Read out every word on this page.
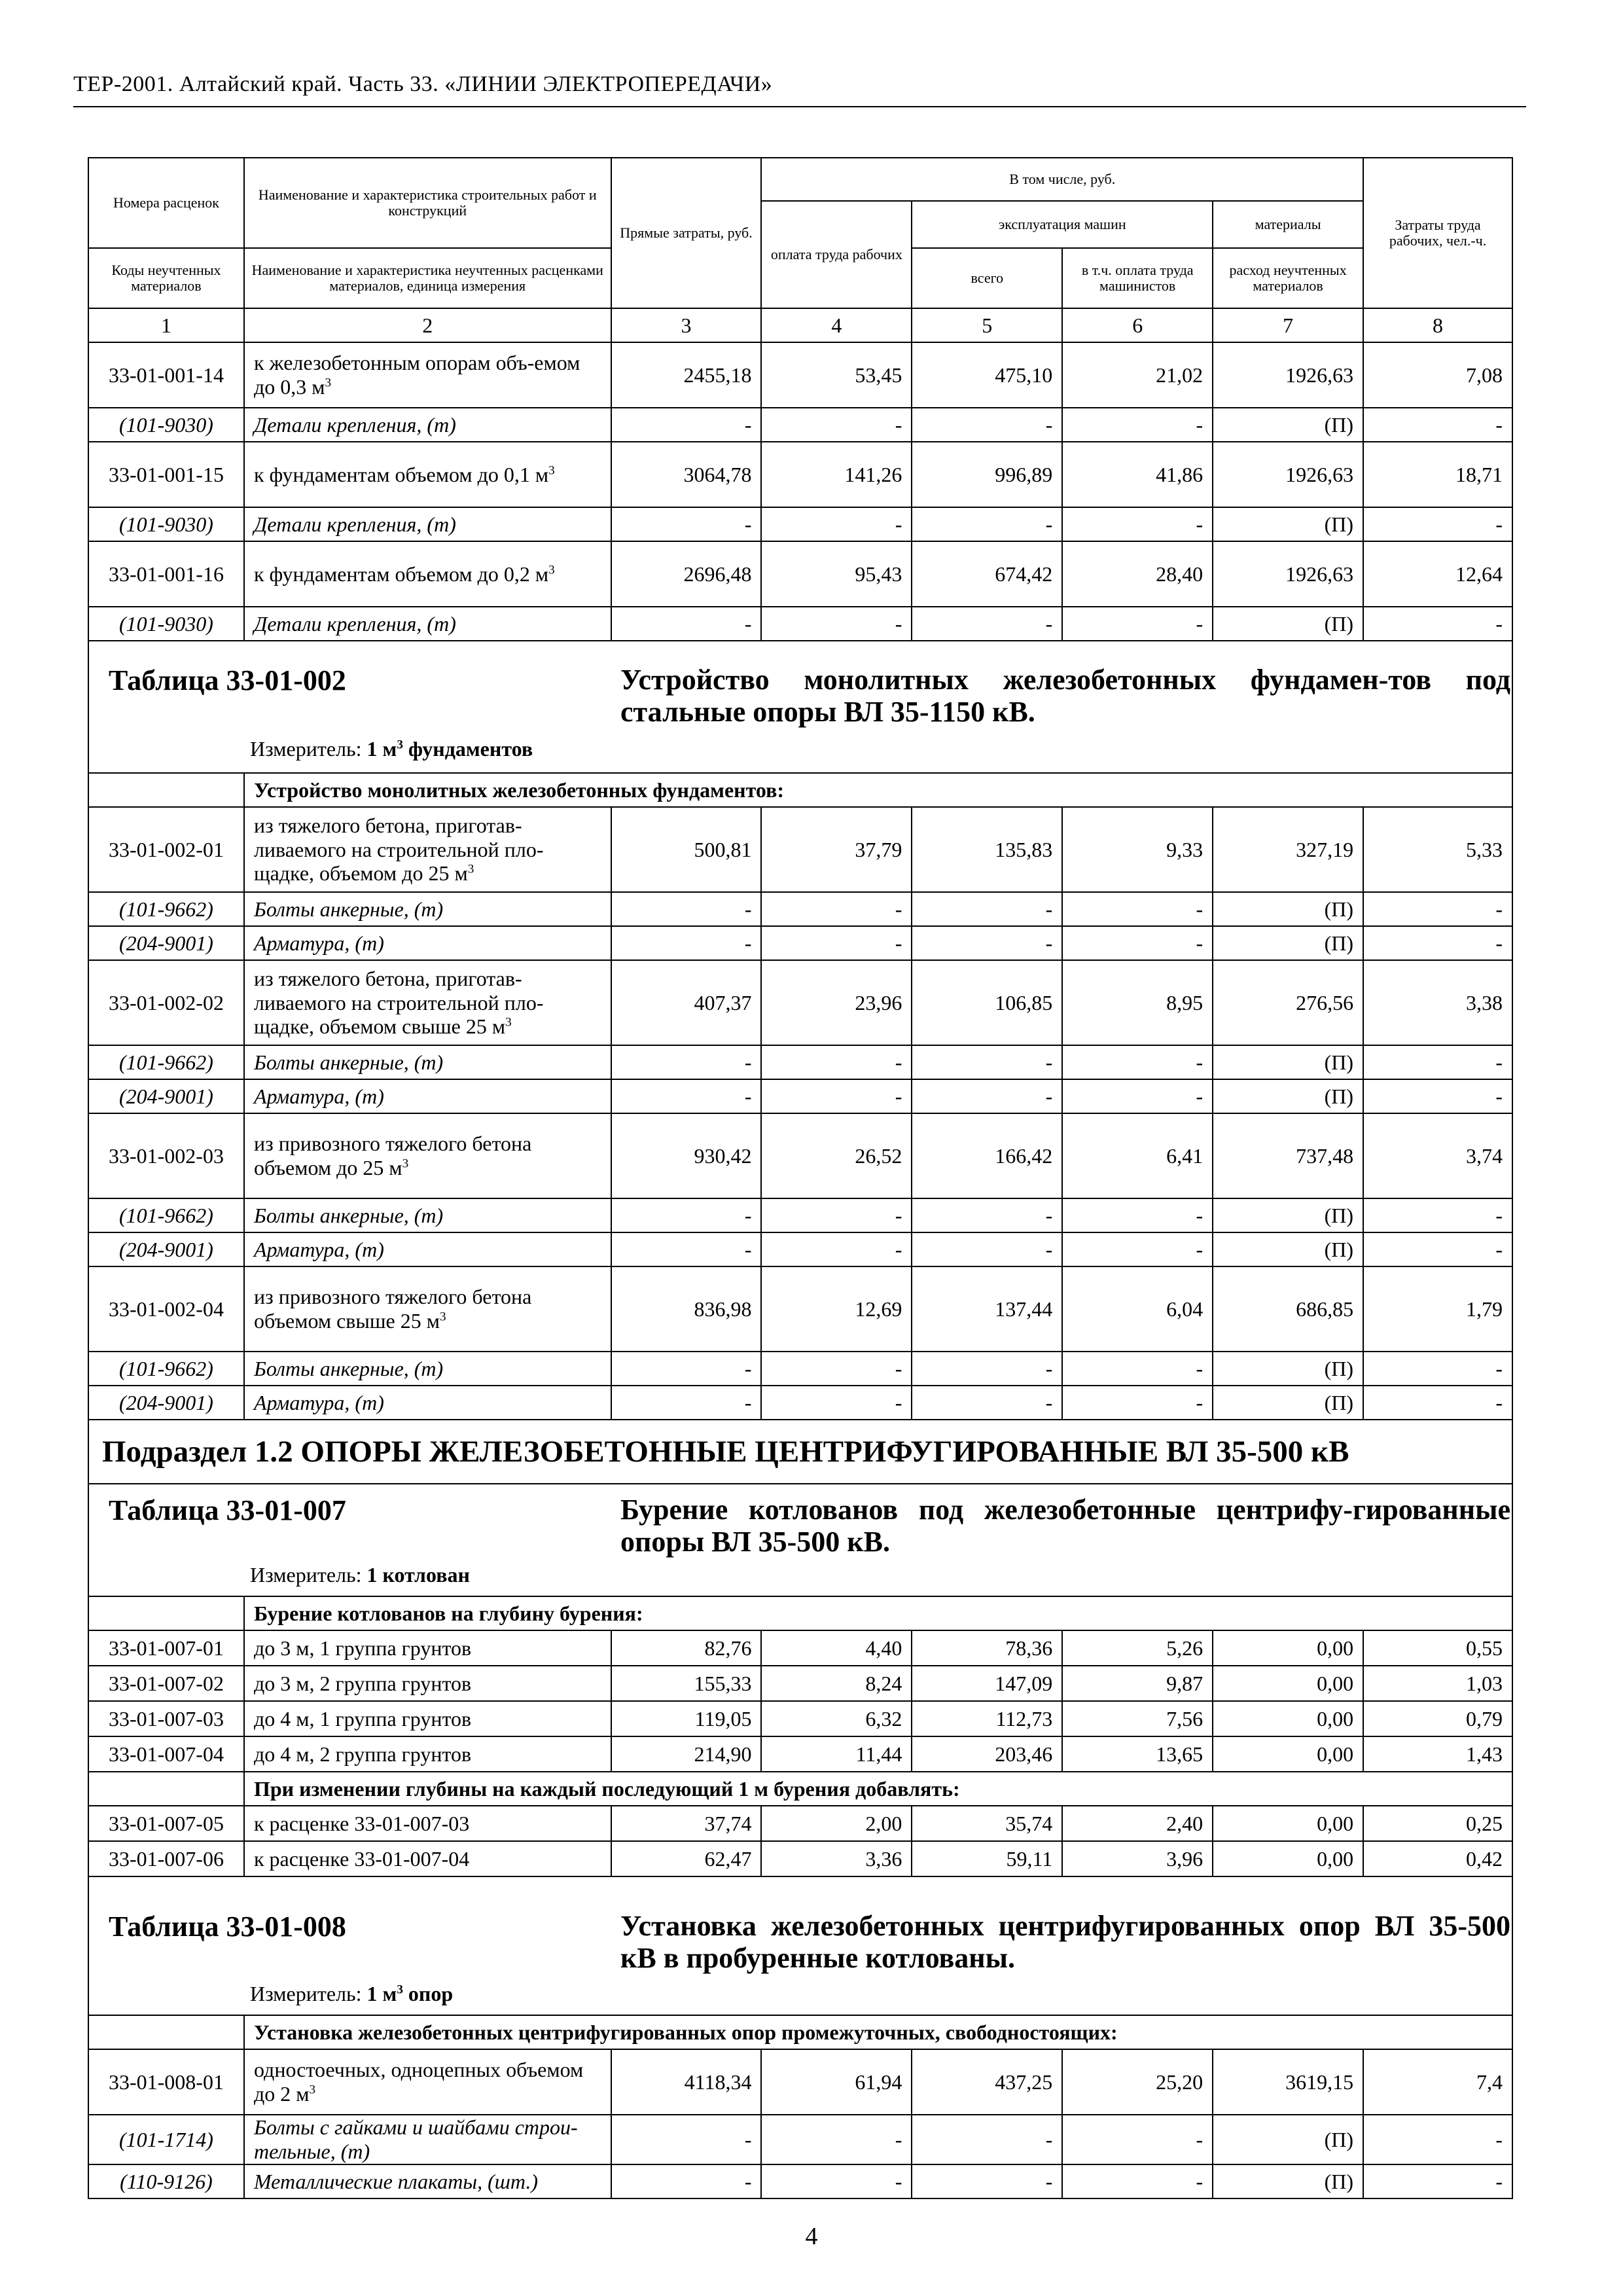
ТЕР-2001. Алтайский край. Часть 33. «ЛИНИИ ЭЛЕКТРОПЕРЕДАЧИ»
Номера расценок	Наименование и характеристика строительных работ и конструкций	Прямые затраты, руб.	В том числе, руб.				Затраты труда рабочих, чел.-ч.
			оплата труда рабочих	эксплуатация машин		материалы	
Коды неучтенных материалов	Наименование и характеристика неучтенных расценками материалов, единица измерения			всего	в т.ч. оплата труда машинистов	расход неучтенных материалов	

1	2	3	4	5	6	7	8
33-01-001-14	к железобетонным опорам объ-емом до 0,3 $м^3$	2455,18	53,45	475,10	21,02	1926,63	7,08
(101-9030)	Детали крепления, (т)	-	-	-	-	(П)	-
33-01-001-15	к фундаментам объемом до 0,1 $м^3$	3064,78	141,26	996,89	41,86	1926,63	18,71
(101-9030)	Детали крепления, (т)	-	-	-	-	(П)	-
33-01-001-16	к фундаментам объемом до 0,2 $м^3$	2696,48	95,43	674,42	28,40	1926,63	12,64
(101-9030)	Детали крепления, (т)	-	-	-	-	(П)	-

Таблица 33-01-002 Устройство монолитных железобетонных фундамен-тов под стальные опоры ВЛ 35-1150 кВ.
Измеритель: 1 $м^3$ фундаментов							

	Устройство монолитных железобетонных фундаментов:						
33-01-002-01	из тяжелого бетона, приготав-ливаемого на строительной пло-щадке, объемом до 25 $м^3$	500,81	37,79	135,83	9,33	327,19	5,33
(101-9662)	Болты анкерные, (т)	-	-	-	-	(П)	-
(204-9001)	Арматура, (т)	-	-	-	-	(П)	-
33-01-002-02	из тяжелого бетона, приготав-ливаемого на строительной пло-щадке, объемом свыше 25 $м^3$	407,37	23,96	106,85	8,95	276,56	3,38
(101-9662)	Болты анкерные, (т)	-	-	-	-	(П)	-
(204-9001)	Арматура, (т)	-	-	-	-	(П)	-
33-01-002-03	из привозного тяжелого бетона объемом до 25 $м^3$	930,42	26,52	166,42	6,41	737,48	3,74
(101-9662)	Болты анкерные, (т)	-	-	-	-	(П)	-
(204-9001)	Арматура, (т)	-	-	-	-	(П)	-
33-01-002-04	из привозного тяжелого бетона объемом свыше 25 $м^3$	836,98	12,69	137,44	6,04	686,85	1,79
(101-9662)	Болты анкерные, (т)	-	-	-	-	(П)	-
(204-9001)	Арматура, (т)	-	-	-	-	(П)	-
Подраздел 1.2 ОПОРЫ ЖЕЛЕЗОБЕТОННЫЕ ЦЕНТРИФУГИРОВАННЫЕ ВЛ 35-500 кВ							

Таблица 33-01-007 Бурение котлованов под железобетонные центрифу-гированные опоры ВЛ 35-500 кВ.
Измеритель: 1 котлован							

	Бурение котлованов на глубину бурения:						
33-01-007-01	до 3 м, 1 группа грунтов	82,76	4,40	78,36	5,26	0,00	0,55
33-01-007-02	до 3 м, 2 группа грунтов	155,33	8,24	147,09	9,87	0,00	1,03
33-01-007-03	до 4 м, 1 группа грунтов	119,05	6,32	112,73	7,56	0,00	0,79
33-01-007-04	до 4 м, 2 группа грунтов	214,90	11,44	203,46	13,65	0,00	1,43
	При изменении глубины на каждый последующий 1 м бурения добавлять:						
33-01-007-05	к расценке 33-01-007-03	37,74	2,00	35,74	2,40	0,00	0,25
33-01-007-06	к расценке 33-01-007-04	62,47	3,36	59,11	3,96	0,00	0,42

Таблица 33-01-008 Установка железобетонных центрифугированных опор ВЛ 35-500 кВ в пробуренные котлованы.
Измеритель: 1 $м^3$ опор							

	Установка железобетонных центрифугированных опор промежуточных, свободностоящих:						
33-01-008-01	одностоечных, одноцепных объемом до 2 $м^3$	4118,34	61,94	437,25	25,20	3619,15	7,4
(101-1714)	Болты с гайками и шайбами строи-тельные, (т)	-	-	-	-	(П)	-
(110-9126)	Металлические плакаты, (шт.)	-	-	-	-	(П)	-
4
